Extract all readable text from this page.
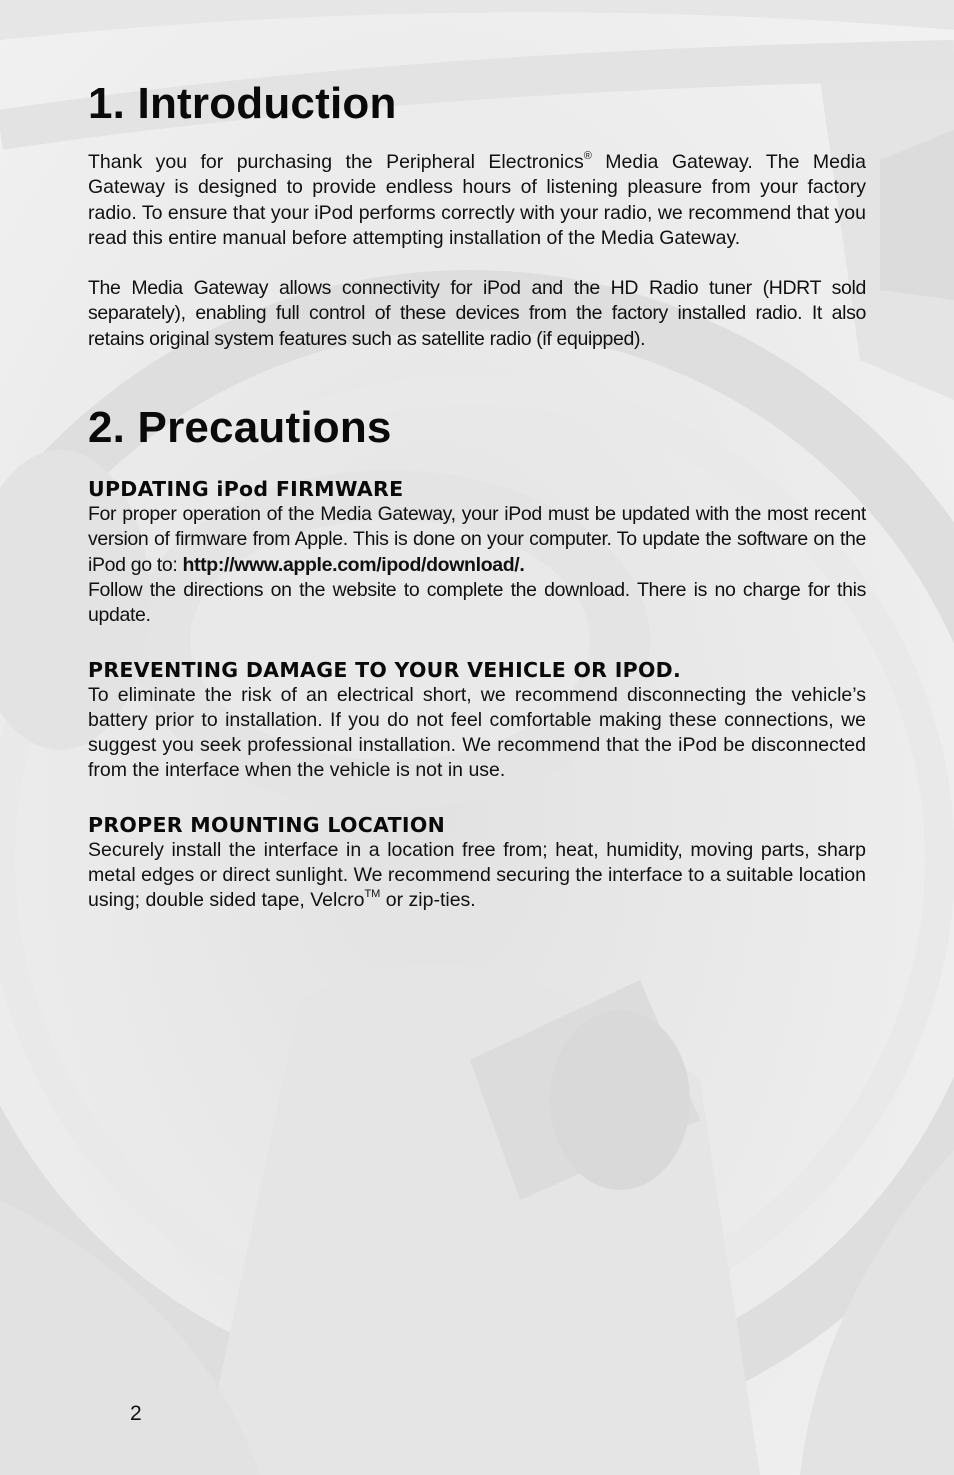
1. Introduction

Thank you for purchasing the Peripheral Electronics® Media Gateway. The Media Gateway is designed to provide endless hours of listening pleasure from your factory radio. To ensure that your iPod performs correctly with your radio, we recommend that you read this entire manual before attempting installation of the Media Gateway.

The Media Gateway allows connectivity for iPod and the HD Radio tuner (HDRT sold separately), enabling full control of these devices from the factory installed radio. It also retains original system features such as satellite radio (if equipped).

2. Precautions
UPDATING iPod FIRMWARE

For proper operation of the Media Gateway, your iPod must be updated with the most recent version of firmware from Apple. This is done on your computer. To update the software on the iPod go to: http://www.apple.com/ipod/download/.
Follow the directions on the website to complete the download. There is no charge for this update.

PREVENTING DAMAGE TO YOUR VEHICLE OR IPOD.

To eliminate the risk of an electrical short, we recommend disconnecting the vehicle’s battery prior to installation. If you do not feel comfortable making these connections, we suggest you seek professional installation. We recommend that the iPod be disconnected from the interface when the vehicle is not in use.

PROPER MOUNTING LOCATION

Securely install the interface in a location free from; heat, humidity, moving parts, sharp metal edges or direct sunlight. We recommend securing the interface to a suitable location using; double sided tape, Velcro™ or zip-ties.

2
